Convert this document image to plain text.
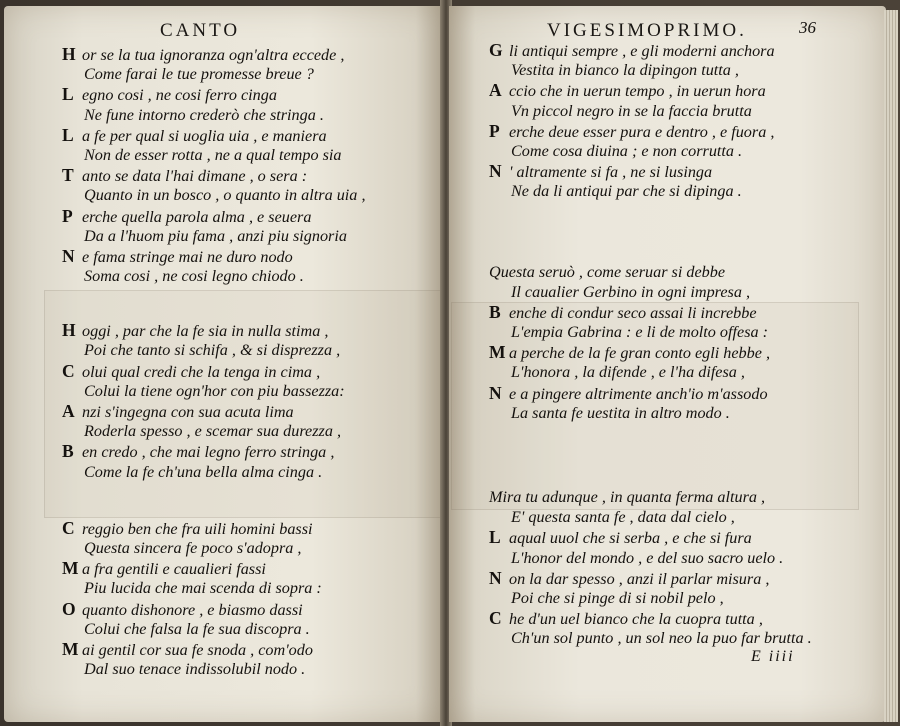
CANTO
H or se la tua ignoranza ogn'altra eccede ,
Come farai le tue promesse breue ?
L egno cosi , ne cosi ferro cinga
Ne fune intorno crederò che stringa .
L a fe per qual si uoglia uia , e maniera
Non de esser rotta , ne a qual tempo sia
T anto se data l'hai dimane , o sera :
Quanto in un bosco , o quanto in altra uia ,
P erche quella parola alma , e seuera
Da a l'huom piu fama , anzi piu signoria
N e fama stringe mai ne duro nodo
Soma cosi , ne cosi legno chiodo .
H oggi , par che la fe sia in nulla stima ,
Poi che tanto si schifa , & si disprezza ,
C olui qual credi che la tenga in cima ,
Colui la tiene ogn'hor con piu bassezza:
A nzi s'ingegna con sua acuta lima
Roderla spesso , e scemar sua durezza ,
B en credo , che mai legno ferro stringa ,
Come la fe ch'una bella alma cinga .
C reggio ben che fra uili homini bassi
Questa sincera fe poco s'adopra ,
M a fra gentili e caualieri fassi
Piu lucida che mai scenda di sopra :
O quanto dishonore , e biasmo dassi
Colui che falsa la fe sua discopra .
M ai gentil cor sua fe snoda , com'odo
Dal suo tenace indissolubil nodo .
VIGESIMOPRIMO.	36
G li antiqui sempre , e gli moderni anchora
Vestita in bianco la dipingon tutta ,
A ccio che in uerun tempo , in uerun hora
Vn piccol negro in se la faccia brutta
P erche deue esser pura e dentro , e fuora ,
Come cosa diuina ; e non corrutta .
N ' altramente si fa , ne si lusinga
Ne da li antiqui par che si dipinga .
Questa seruò , come seruar si debbe
Il caualier Gerbino in ogni impresa ,
B enche di condur seco assai li increbbe
L'empia Gabrina : e li de molto offesa :
M a perche de la fe gran conto egli hebbe ,
L'honora , la difende , e l'ha difesa ,
N e a pingere altrimente anch'io m'assodo
La santa fe uestita in altro modo .
Mira tu adunque , in quanta ferma altura ,
E' questa santa fe , data dal cielo ,
L aqual uuol che si serba , e che si fura
L'honor del mondo , e del suo sacro uelo .
N on la dar spesso , anzi il parlar misura ,
Poi che si pinge di si nobil pelo ,
C he d'un uel bianco che la cuopra tutta ,
Ch'un sol punto , un sol neo la puo far brutta .
E iiii
